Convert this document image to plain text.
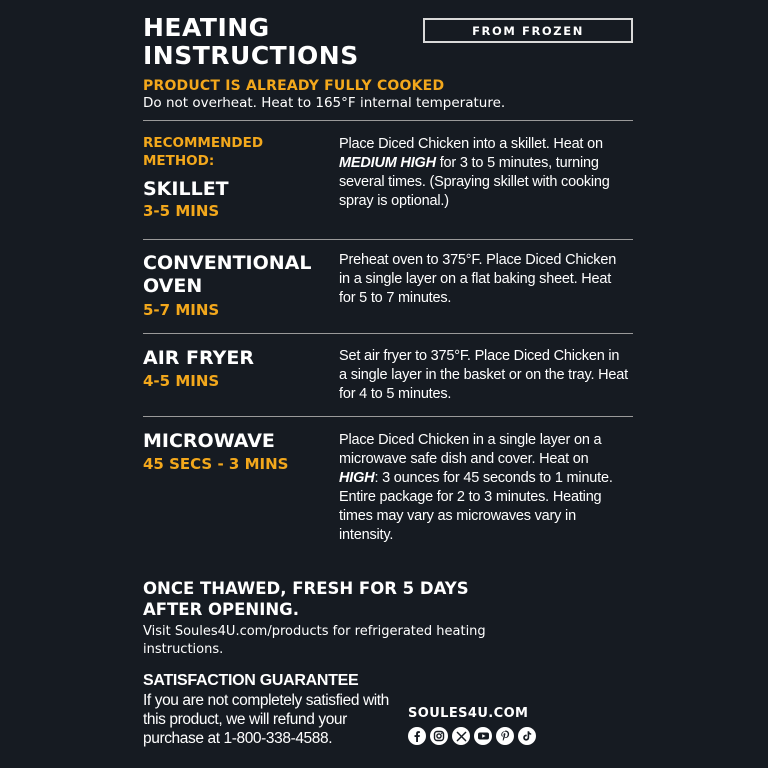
HEATING
INSTRUCTIONS
FROM FROZEN
PRODUCT IS ALREADY FULLY COOKED
Do not overheat. Heat to 165°F internal temperature.
RECOMMENDED
METHOD:
SKILLET
3-5 MINS
Place Diced Chicken into a skillet. Heat on MEDIUM HIGH for 3 to 5 minutes, turning several times. (Spraying skillet with cooking spray is optional.)
CONVENTIONAL
OVEN
5-7 MINS
Preheat oven to 375°F. Place Diced Chicken in a single layer on a flat baking sheet. Heat for 5 to 7 minutes.
AIR FRYER
4-5 MINS
Set air fryer to 375°F. Place Diced Chicken in a single layer in the basket or on the tray. Heat for 4 to 5 minutes.
MICROWAVE
45 SECS - 3 MINS
Place Diced Chicken in a single layer on a microwave safe dish and cover. Heat on HIGH: 3 ounces for 45 seconds to 1 minute. Entire package for 2 to 3 minutes. Heating times may vary as microwaves vary in intensity.
ONCE THAWED, FRESH FOR 5 DAYS
AFTER OPENING.
Visit Soules4U.com/products for refrigerated heating instructions.
SATISFACTION GUARANTEE
If you are not completely satisfied with this product, we will refund your purchase at 1-800-338-4588.
SOULES4U.COM
